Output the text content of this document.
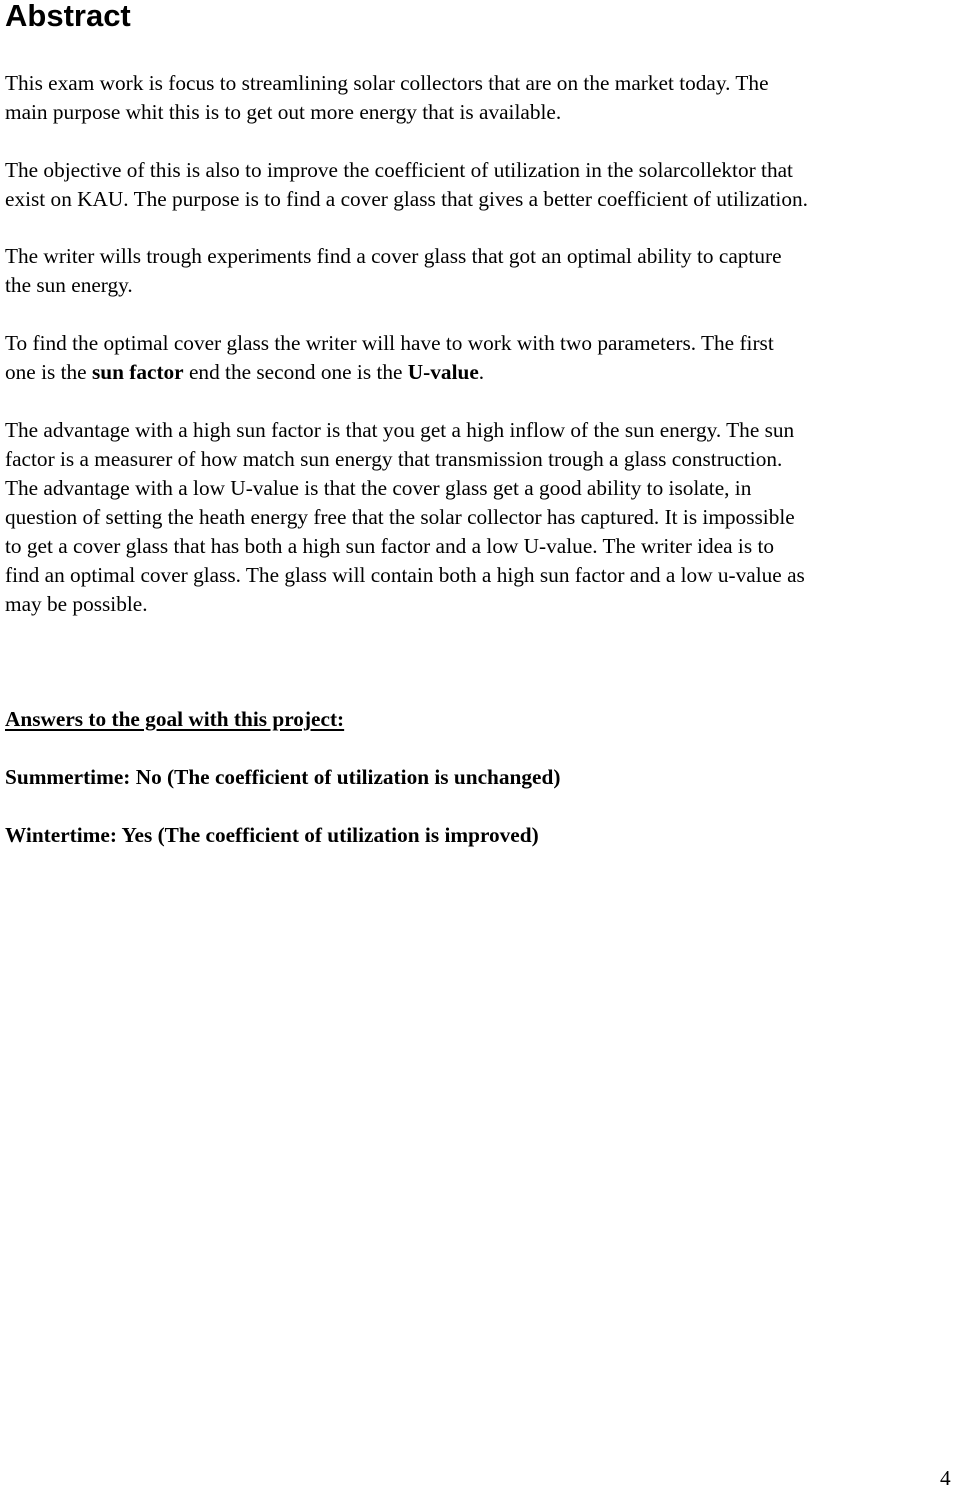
Abstract
This exam work is focus to streamlining solar collectors that are on the market today. The
main purpose whit this is to get out more energy that is available.
The objective of this is also to improve the coefficient of utilization in the solarcollektor that
exist on KAU. The purpose is to find a cover glass that gives a better coefficient of utilization.
The writer wills trough experiments find a cover glass that got an optimal ability to capture
the sun energy.
To find the optimal cover glass the writer will have to work with two parameters. The first
one is the sun factor end the second one is the U-value.
The advantage with a high sun factor is that you get a high inflow of the sun energy. The sun
factor is a measurer of how match sun energy that transmission trough a glass construction.
The advantage with a low U-value is that the cover glass get a good ability to isolate, in
question of setting the heath energy free that the solar collector has captured. It is impossible
to get a cover glass that has both a high sun factor and a low U-value. The writer idea is to
find an optimal cover glass. The glass will contain both a high sun factor and a low u-value as
may be possible.

Answers to the goal with this project:

Summertime: No (The coefficient of utilization is unchanged)

Wintertime: Yes (The coefficient of utilization is improved)

4
